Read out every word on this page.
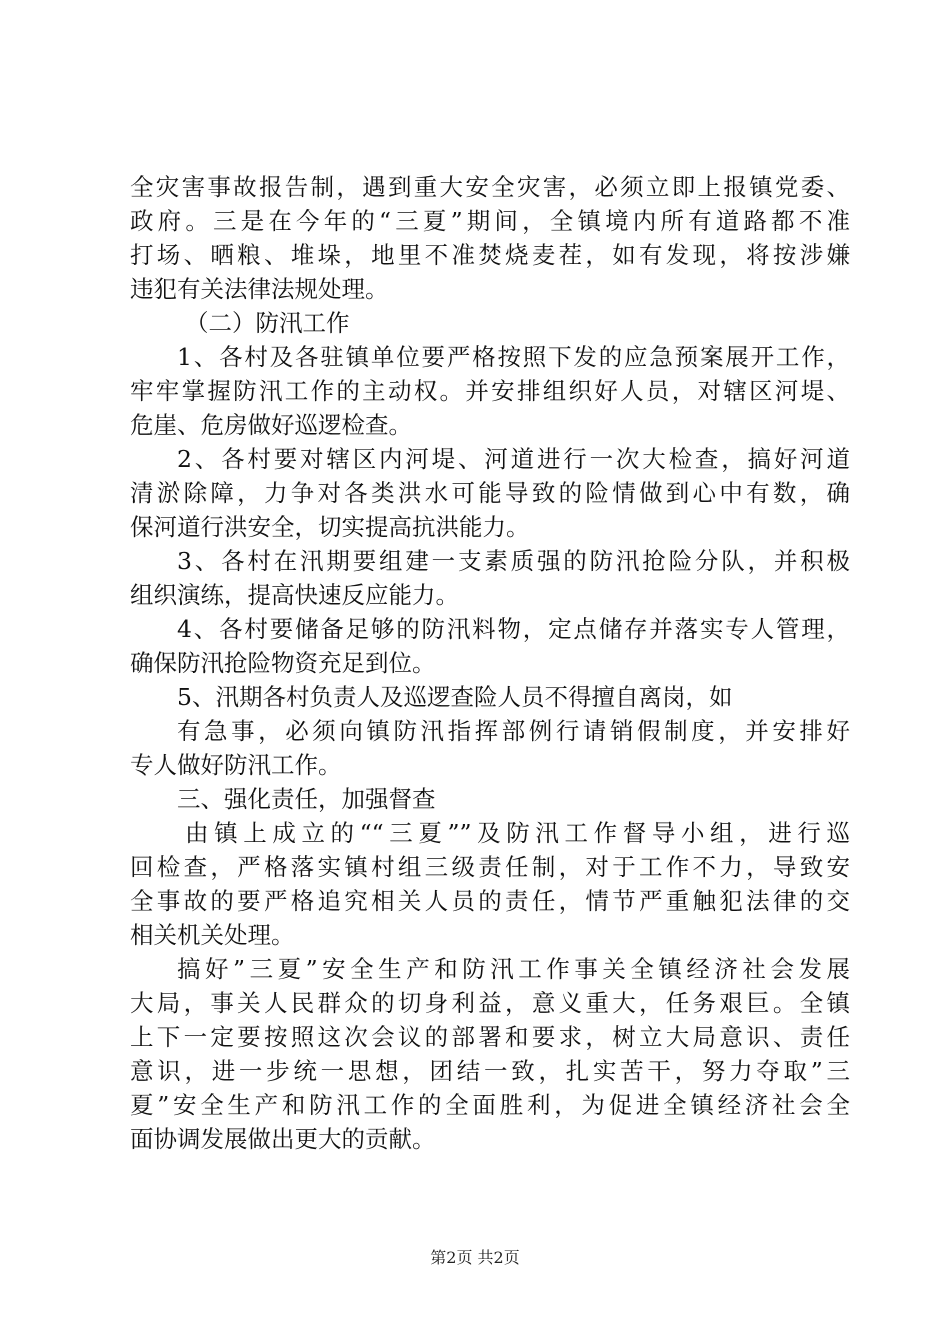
全灾害事故报告制，遇到重大安全灾害，必须立即上报镇党委、
政府。三是在今年的“三夏”期间，全镇境内所有道路都不准
打场、晒粮、堆垛，地里不准焚烧麦茬，如有发现，将按涉嫌
违犯有关法律法规处理。
（二）防汛工作
1、各村及各驻镇单位要严格按照下发的应急预案展开工作，
牢牢掌握防汛工作的主动权。并安排组织好人员，对辖区河堤、
危崖、危房做好巡逻检查。
2、各村要对辖区内河堤、河道进行一次大检查，搞好河道
清淤除障，力争对各类洪水可能导致的险情做到心中有数，确
保河道行洪安全，切实提高抗洪能力。
3、各村在汛期要组建一支素质强的防汛抢险分队，并积极
组织演练，提高快速反应能力。
4、各村要储备足够的防汛料物，定点储存并落实专人管理，
确保防汛抢险物资充足到位。
5、汛期各村负责人及巡逻查险人员不得擅自离岗，如
有急事，必须向镇防汛指挥部例行请销假制度，并安排好
专人做好防汛工作。
三、强化责任，加强督查
由镇上成立的““三夏””及防汛工作督导小组，进行巡
回检查，严格落实镇村组三级责任制，对于工作不力，导致安
全事故的要严格追究相关人员的责任，情节严重触犯法律的交
相关机关处理。
搞好”三夏”安全生产和防汛工作事关全镇经济社会发展
大局，事关人民群众的切身利益，意义重大，任务艰巨。全镇
上下一定要按照这次会议的部署和要求，树立大局意识、责任
意识，进一步统一思想，团结一致，扎实苦干，努力夺取”三
夏”安全生产和防汛工作的全面胜利，为促进全镇经济社会全
面协调发展做出更大的贡献。
第2页 共2页
